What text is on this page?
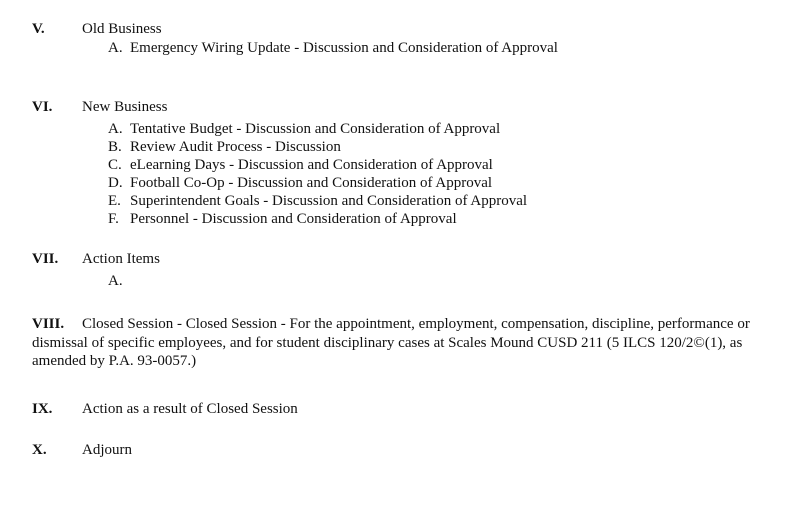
V. Old Business
A. Emergency Wiring Update - Discussion and Consideration of Approval
VI. New Business
A. Tentative Budget - Discussion and Consideration of Approval
B. Review Audit Process - Discussion
C. eLearning Days - Discussion and Consideration of Approval
D. Football Co-Op - Discussion and Consideration of Approval
E. Superintendent Goals - Discussion and Consideration of Approval
F. Personnel - Discussion and Consideration of Approval
VII. Action Items
A.
VIII. Closed Session - Closed Session - For the appointment, employment, compensation, discipline, performance or dismissal of specific employees, and for student disciplinary cases at Scales Mound CUSD 211 (5 ILCS 120/2©(1), as amended by P.A. 93-0057.)
IX. Action as a result of Closed Session
X. Adjourn
